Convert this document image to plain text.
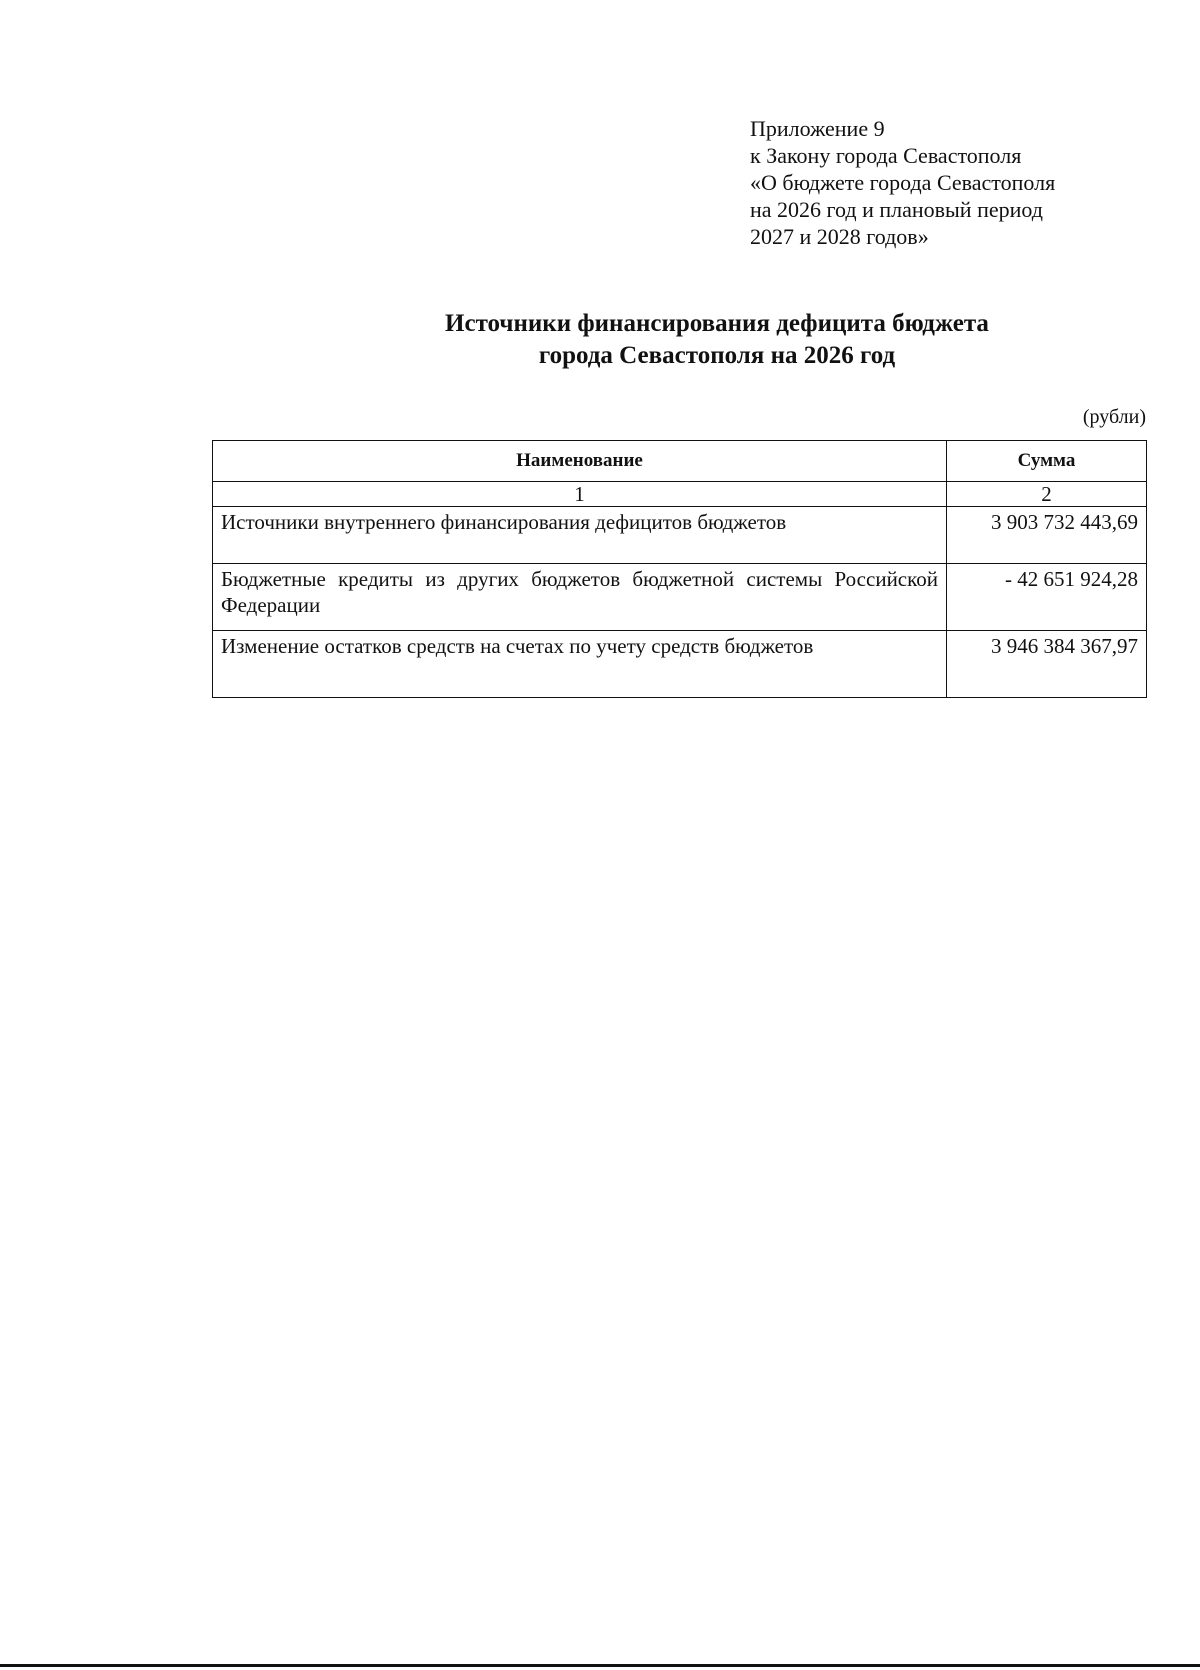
Приложение 9
к Закону города Севастополя
«О бюджете города Севастополя
на 2026 год и плановый период
2027 и 2028 годов»
Источники финансирования дефицита бюджета
города Севастополя на 2026 год
(рубли)
Наименование	Сумма
1	2
Источники внутреннего финансирования дефицитов бюджетов	3 903 732 443,69
Бюджетные кредиты из других бюджетов бюджетной системы Российской Федерации	- 42 651 924,28
Изменение остатков средств на счетах по учету средств бюджетов	3 946 384 367,97
